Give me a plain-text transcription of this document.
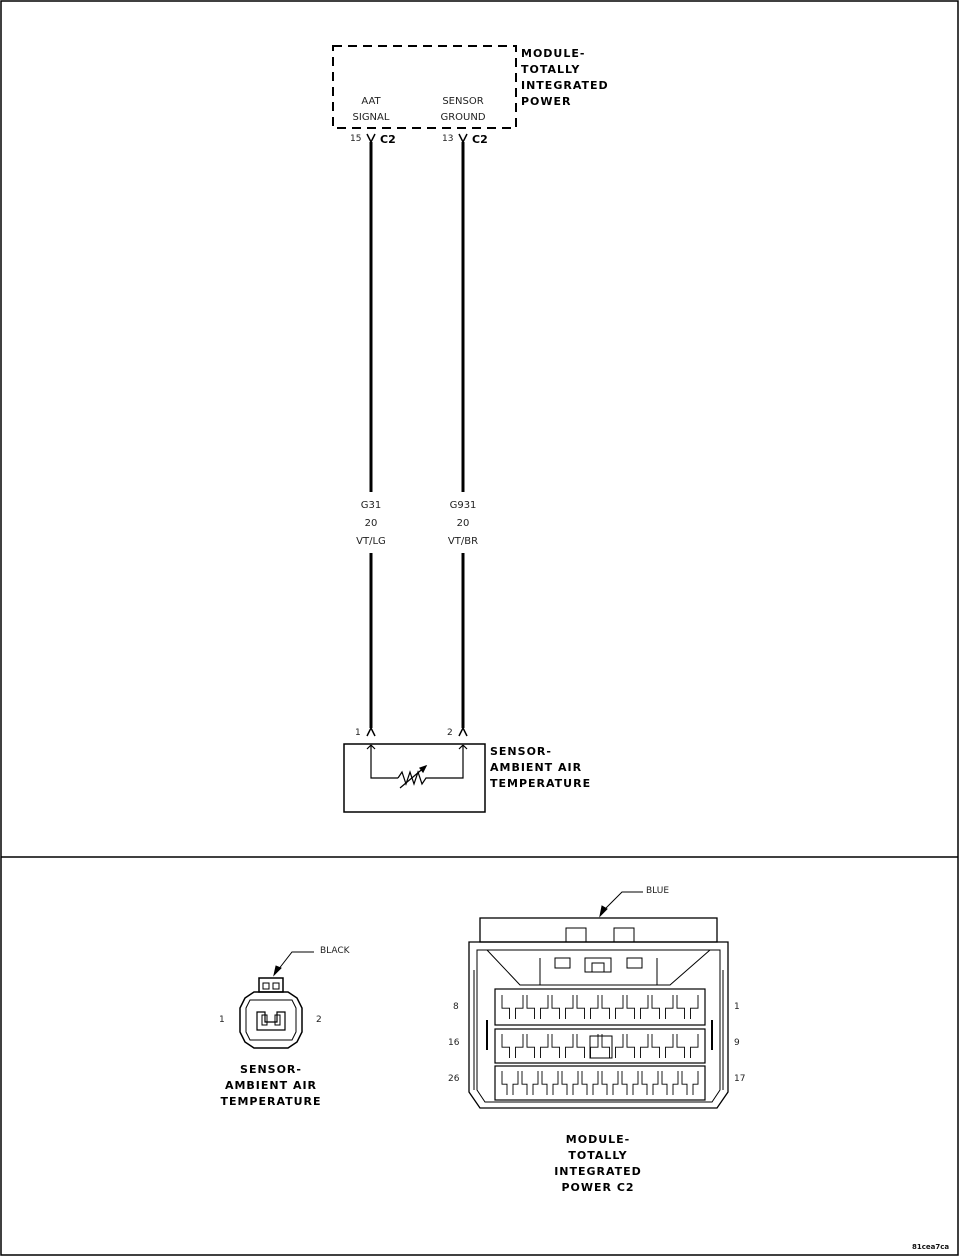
MODULE-
TOTALLY
INTEGRATED
POWER
AAT
SIGNAL
SENSOR
GROUND
15 C2	13 C2
G31
20
VT/LG
G931
20
VT/BR
1	2
SENSOR-
AMBIENT AIR
TEMPERATURE
BLACK
1	2
SENSOR-
AMBIENT AIR
TEMPERATURE
BLUE
8
16
26
1
9
17
MODULE-
TOTALLY
INTEGRATED
POWER C2
81cea7ca
